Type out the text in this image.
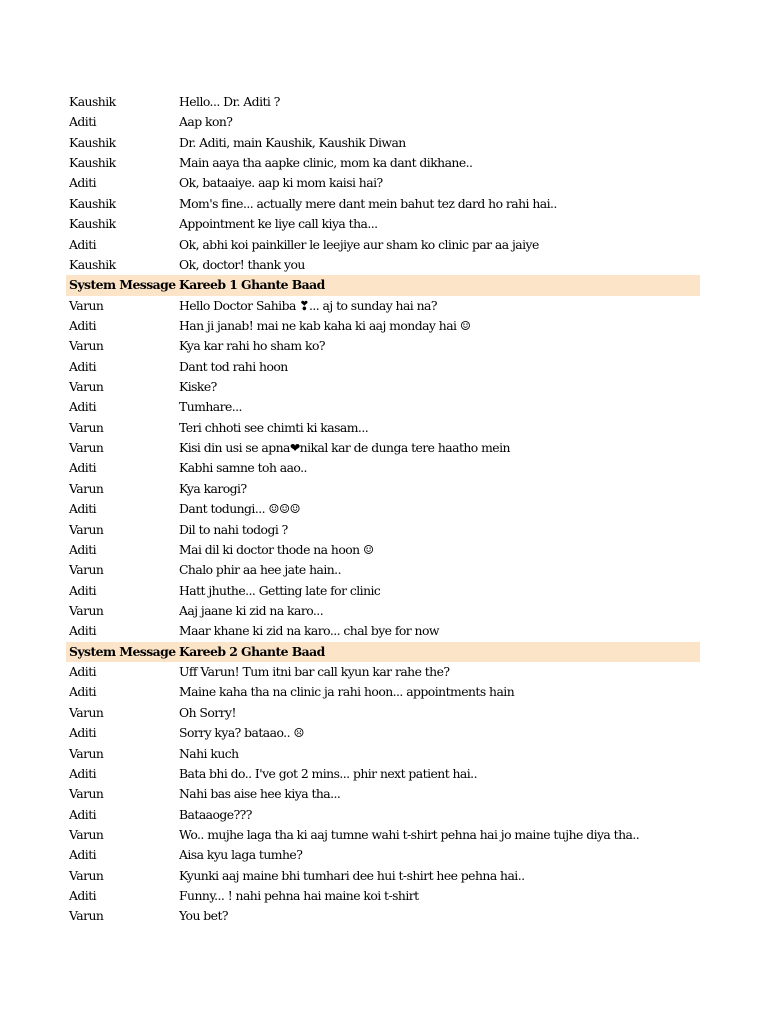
Kaushik	Hello... Dr. Aditi ?
Aditi	Aap kon?
Kaushik	Dr. Aditi, main Kaushik, Kaushik Diwan
Kaushik	Main aaya tha aapke clinic, mom ka dant dikhane..
Aditi	Ok, bataaiye. aap ki mom kaisi hai?
Kaushik	Mom's fine... actually mere dant mein bahut tez dard ho rahi hai..
Kaushik	Appointment ke liye call kiya tha...
Aditi	Ok, abhi koi painkiller le leejiye aur sham ko clinic par aa jaiye
Kaushik	Ok, doctor! thank you
System Message Kareeb 1 Ghante Baad
Varun	Hello Doctor Sahiba ❣... aj to sunday hai na?
Aditi	Han ji janab! mai ne kab kaha ki aaj monday hai ☺
Varun	Kya kar rahi ho sham ko?
Aditi	Dant tod rahi hoon
Varun	Kiske?
Aditi	Tumhare...
Varun	Teri chhoti see chimti ki kasam...
Varun	Kisi din usi se apna❤nikal kar de dunga tere haatho mein
Aditi	Kabhi samne toh aao..
Varun	Kya karogi?
Aditi	Dant todungi... ☺☺☺
Varun	Dil to nahi todogi ?
Aditi	Mai dil ki doctor thode na hoon ☺
Varun	Chalo phir aa hee jate hain..
Aditi	Hatt jhuthe... Getting late for clinic
Varun	Aaj jaane ki zid na karo...
Aditi	Maar khane ki zid na karo... chal bye for now
System Message Kareeb 2 Ghante Baad
Aditi	Uff Varun! Tum itni bar call kyun kar rahe the?
Aditi	Maine kaha tha na clinic ja rahi hoon... appointments hain
Varun	Oh Sorry!
Aditi	Sorry kya? bataao.. ☹
Varun	Nahi kuch
Aditi	Bata bhi do.. I've got 2 mins... phir next patient hai..
Varun	Nahi bas aise hee kiya tha...
Aditi	Bataaoge???
Varun	Wo.. mujhe laga tha ki aaj tumne wahi t-shirt pehna hai jo maine tujhe diya tha..
Aditi	Aisa kyu laga tumhe?
Varun	Kyunki aaj maine bhi tumhari dee hui t-shirt hee pehna hai..
Aditi	Funny... ! nahi pehna hai maine koi t-shirt
Varun	You bet?
